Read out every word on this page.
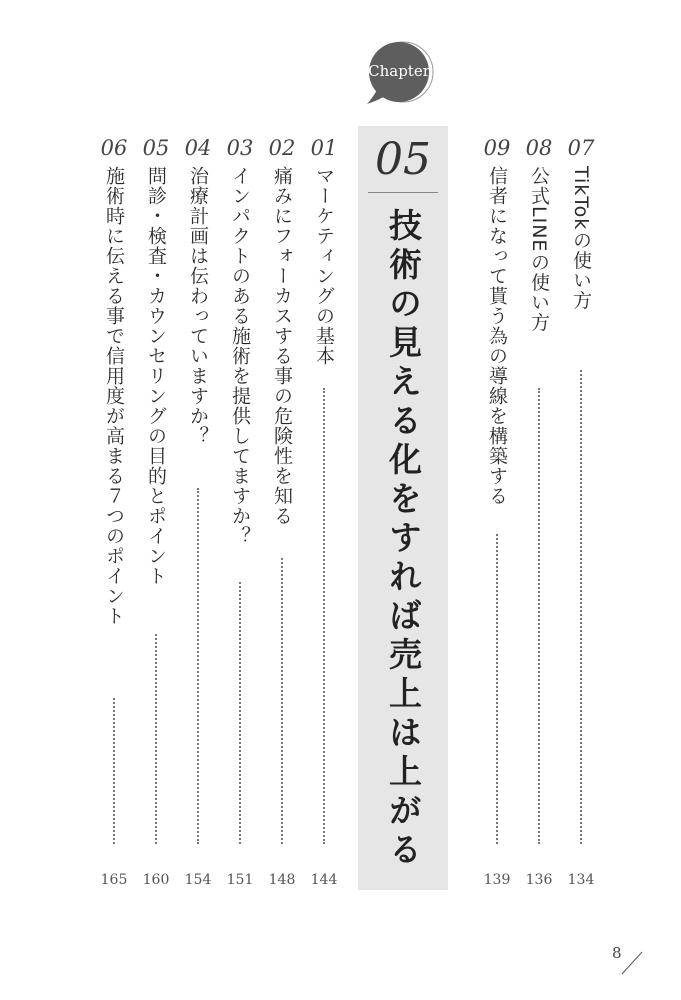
Chapter
05
技術の見える化をすれば売上は上がる
07
TikTokの使い方
134
08
公式LINEの使い方
136
09
信者になって貰う為の導線を構築する
139
01
マーケティングの基本
144
02
痛みにフォーカスする事の危険性を知る
148
03
インパクトのある施術を提供してますか？
151
04
治療計画は伝わっていますか？
154
05
問診・検査・カウンセリングの目的とポイント
160
06
施術時に伝える事で信用度が高まる７つのポイント
165
8
